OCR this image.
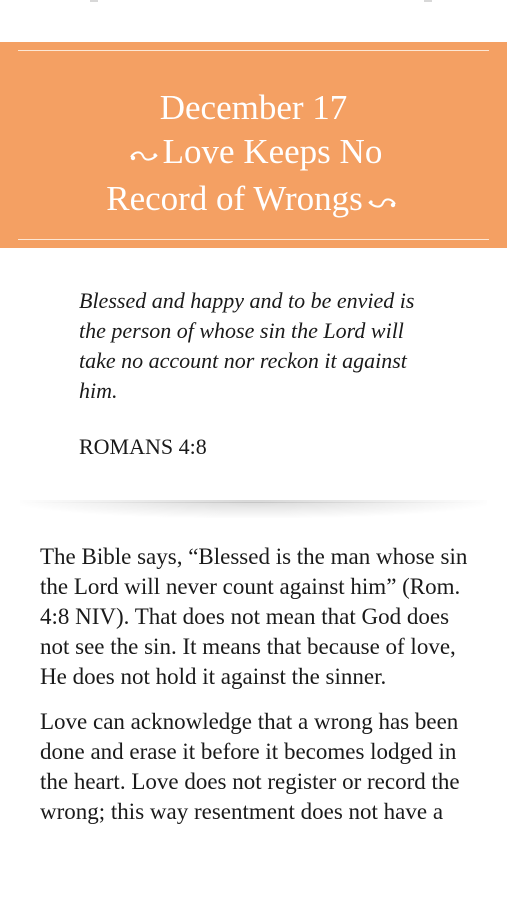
December 17
Love Keeps No
Record of Wrongs
Blessed and happy and to be envied is the person of whose sin the Lord will take no account nor reckon it against him.
ROMANS 4:8

The Bible says, “Blessed is the man whose sin the Lord will never count against him” (Rom. 4:8 NIV). That does not mean that God does not see the sin. It means that because of love, He does not hold it against the sinner.

Love can acknowledge that a wrong has been done and erase it before it becomes lodged in the heart. Love does not register or record the wrong; this way resentment does not have a
